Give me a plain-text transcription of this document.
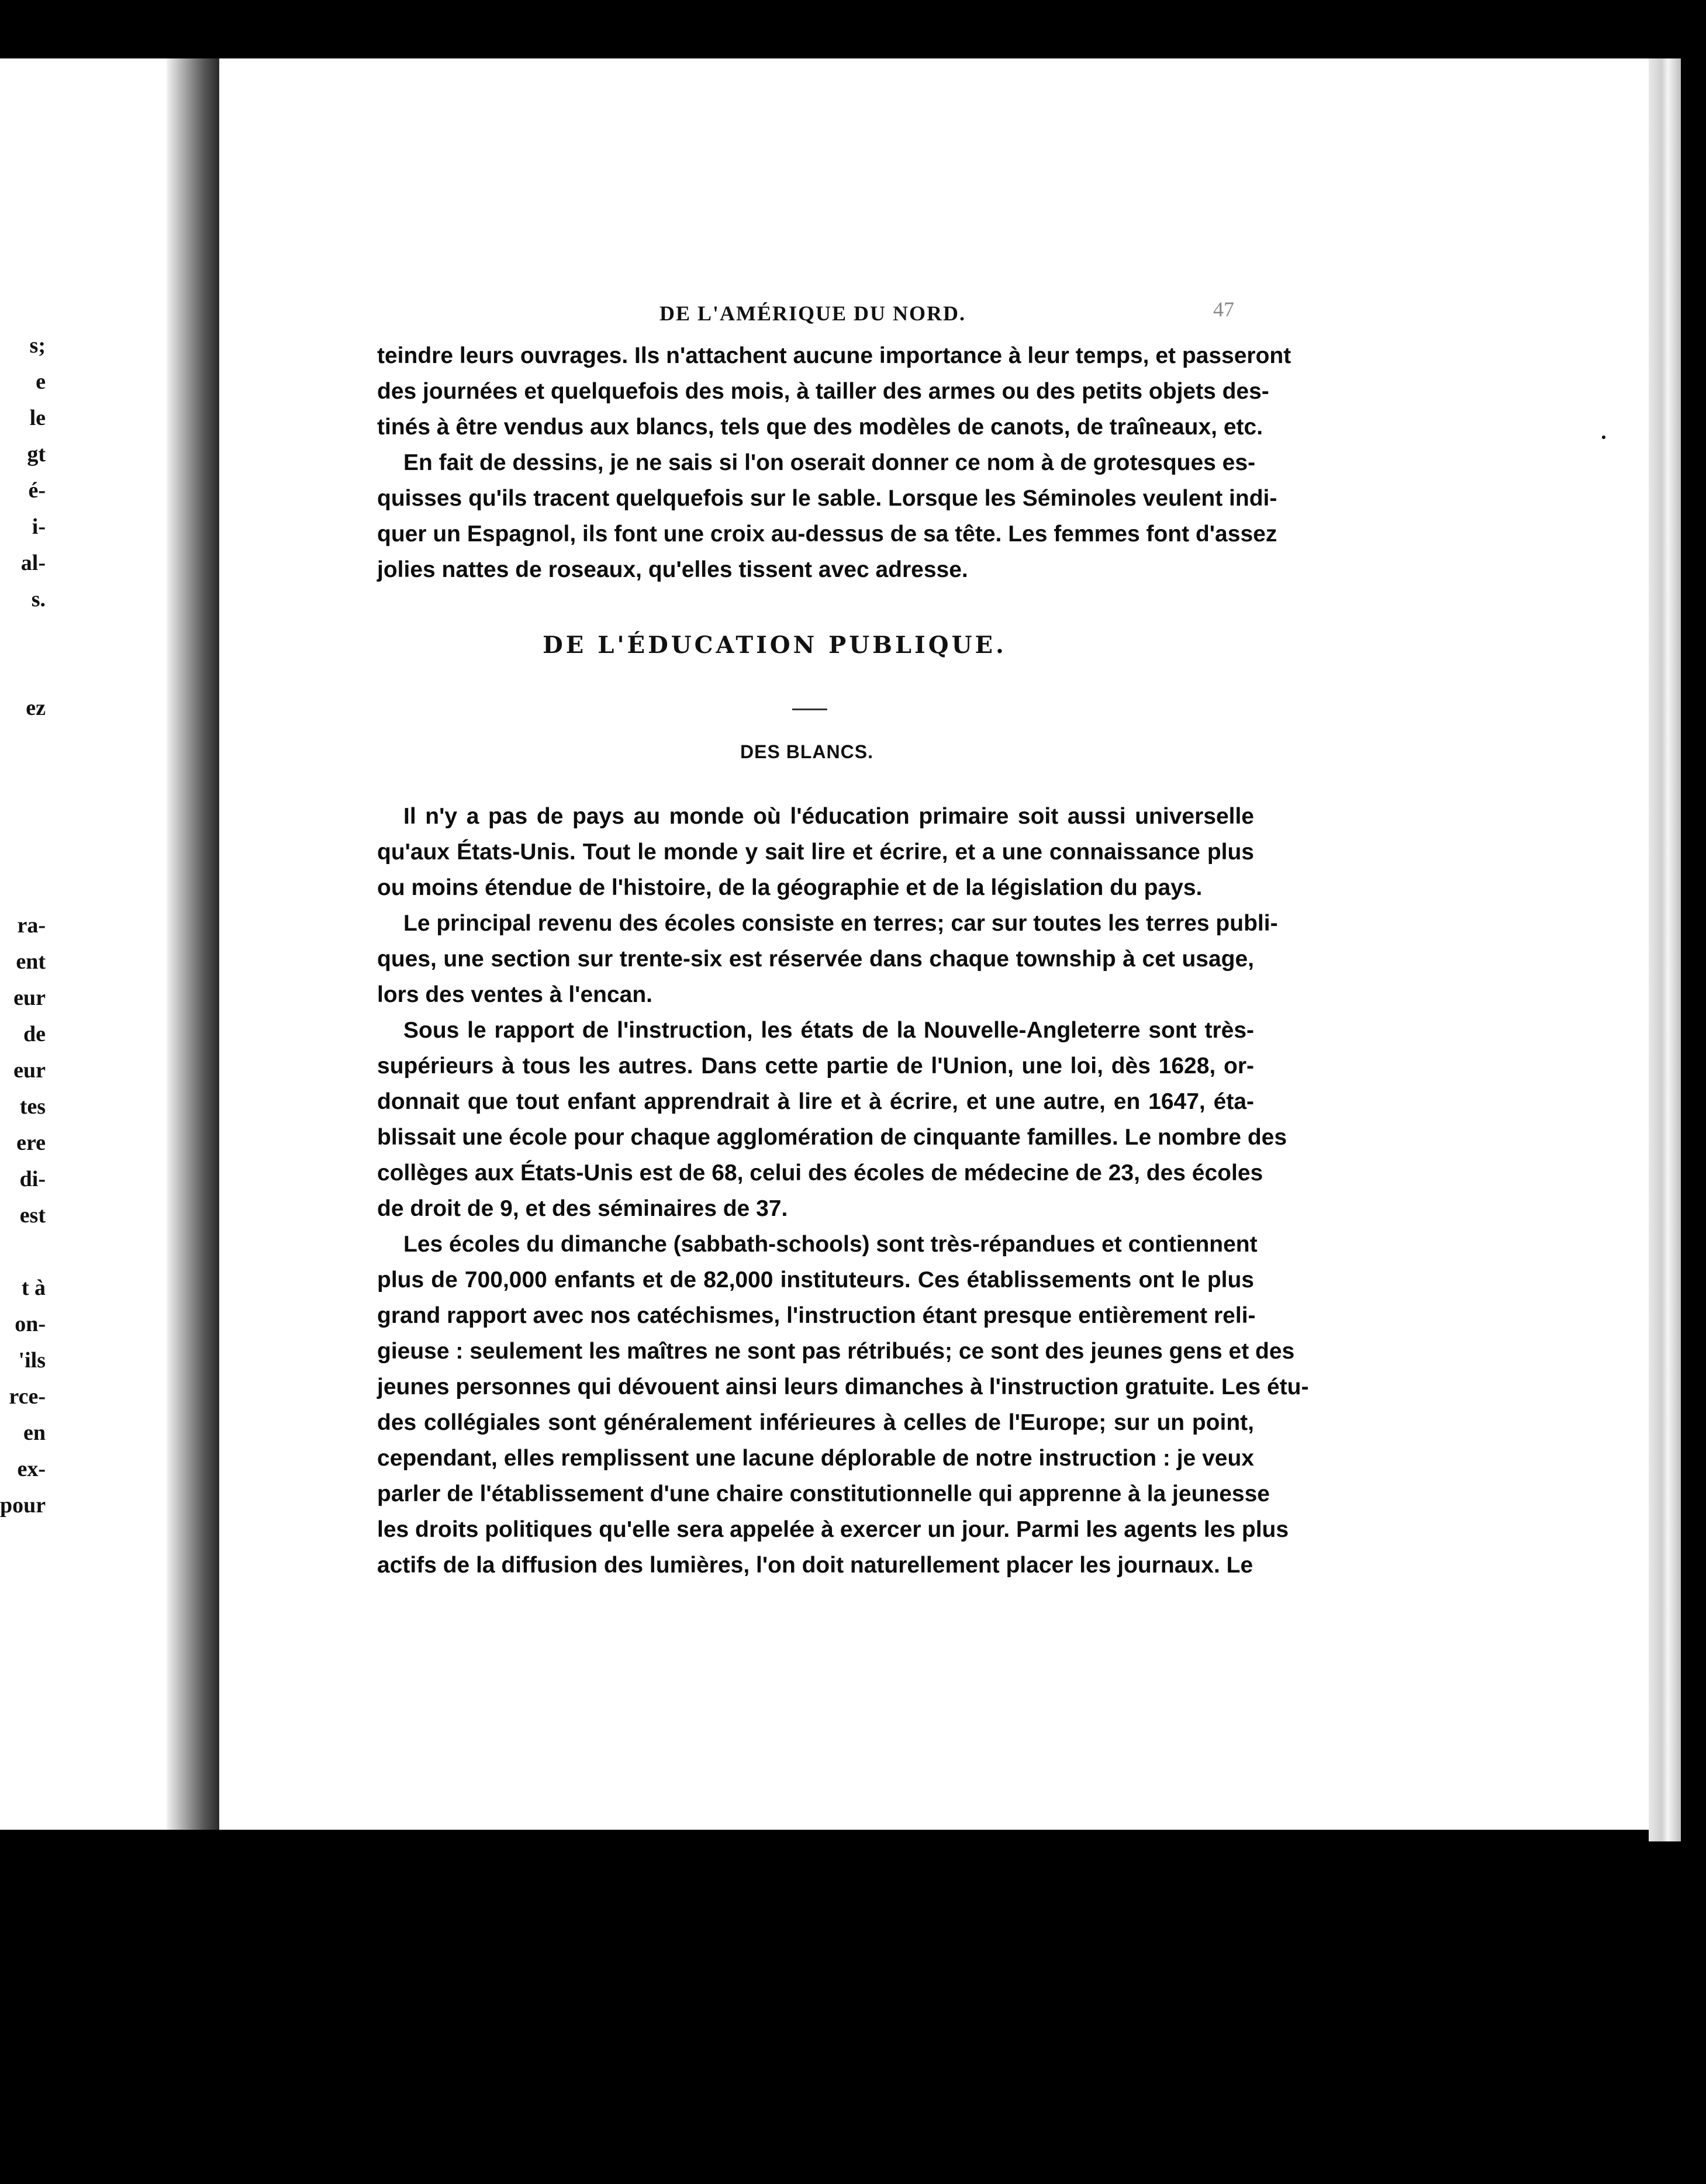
s;
e
le
gt
é-
i-
al-
s.
ez
ra-
ent
eur
de
eur
tes
ere
di-
est
t à
on-
'ils
rce-
en
ex-
pour
DE L'AMÉRIQUE DU NORD.	47
teindre leurs ouvrages. Ils n'attachent aucune importance à leur temps, et passeront
des journées et quelquefois des mois, à tailler des armes ou des petits objets des-
tinés à être vendus aux blancs, tels que des modèles de canots, de traîneaux, etc.
En fait de dessins, je ne sais si l'on oserait donner ce nom à de grotesques es-
quisses qu'ils tracent quelquefois sur le sable. Lorsque les Séminoles veulent indi-
quer un Espagnol, ils font une croix au-dessus de sa tête. Les femmes font d'assez
jolies nattes de roseaux, qu'elles tissent avec adresse.
DE L'ÉDUCATION PUBLIQUE.
DES BLANCS.
Il n'y a pas de pays au monde où l'éducation primaire soit aussi universelle
qu'aux États-Unis. Tout le monde y sait lire et écrire, et a une connaissance plus
ou moins étendue de l'histoire, de la géographie et de la législation du pays.
Le principal revenu des écoles consiste en terres; car sur toutes les terres publi-
ques, une section sur trente-six est réservée dans chaque township à cet usage,
lors des ventes à l'encan.
Sous le rapport de l'instruction, les états de la Nouvelle-Angleterre sont très-
supérieurs à tous les autres. Dans cette partie de l'Union, une loi, dès 1628, or-
donnait que tout enfant apprendrait à lire et à écrire, et une autre, en 1647, éta-
blissait une école pour chaque agglomération de cinquante familles. Le nombre des
collèges aux États-Unis est de 68, celui des écoles de médecine de 23, des écoles
de droit de 9, et des séminaires de 37.
Les écoles du dimanche (sabbath-schools) sont très-répandues et contiennent
plus de 700,000 enfants et de 82,000 instituteurs. Ces établissements ont le plus
grand rapport avec nos catéchismes, l'instruction étant presque entièrement reli-
gieuse : seulement les maîtres ne sont pas rétribués; ce sont des jeunes gens et des
jeunes personnes qui dévouent ainsi leurs dimanches à l'instruction gratuite. Les étu-
des collégiales sont généralement inférieures à celles de l'Europe; sur un point,
cependant, elles remplissent une lacune déplorable de notre instruction : je veux
parler de l'établissement d'une chaire constitutionnelle qui apprenne à la jeunesse
les droits politiques qu'elle sera appelée à exercer un jour. Parmi les agents les plus
actifs de la diffusion des lumières, l'on doit naturellement placer les journaux. Le
